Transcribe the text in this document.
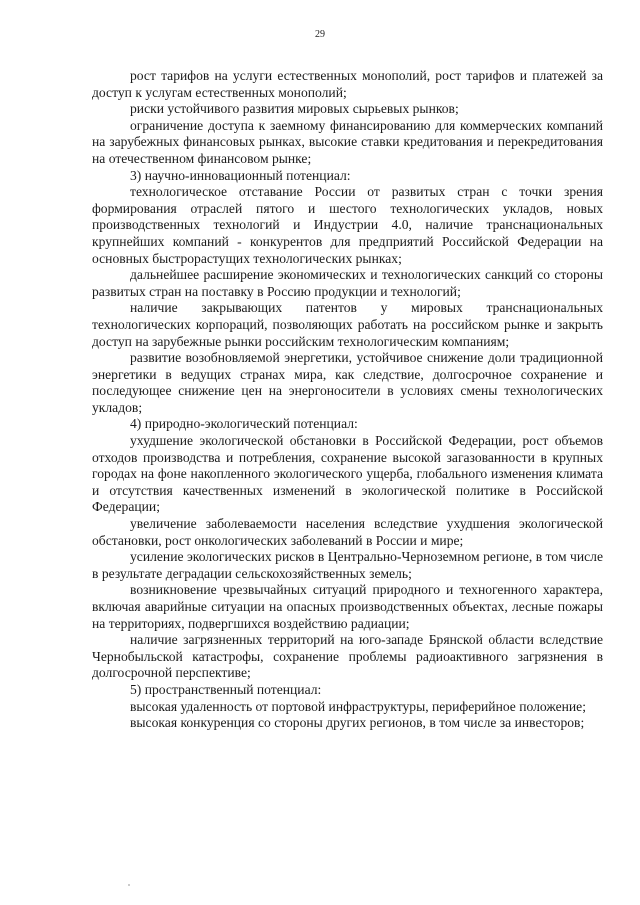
29

рост тарифов на услуги естественных монополий, рост тарифов и платежей за доступ к услугам естественных монополий;

риски устойчивого развития мировых сырьевых рынков;

ограничение доступа к заемному финансированию для коммерческих компаний на зарубежных финансовых рынках, высокие ставки кредитования и перекредитования на отечественном финансовом рынке;

3) научно-инновационный потенциал:

технологическое отставание России от развитых стран с точки зрения формирования отраслей пятого и шестого технологических укладов, новых производственных технологий и Индустрии 4.0, наличие транснациональных крупнейших компаний - конкурентов для предприятий Российской Федерации на основных быстрорастущих технологических рынках;

дальнейшее расширение экономических и технологических санкций со стороны развитых стран на поставку в Россию продукции и технологий;

наличие закрывающих патентов у мировых транснациональных технологических корпораций, позволяющих работать на российском рынке и закрыть доступ на зарубежные рынки российским технологическим компаниям;

развитие возобновляемой энергетики, устойчивое снижение доли традиционной энергетики в ведущих странах мира, как следствие, долгосрочное сохранение и последующее снижение цен на энергоносители в условиях смены технологических укладов;

4) природно-экологический потенциал:

ухудшение экологической обстановки в Российской Федерации, рост объемов отходов производства и потребления, сохранение высокой загазованности в крупных городах на фоне накопленного экологического ущерба, глобального изменения климата и отсутствия качественных изменений в экологической политике в Российской Федерации;

увеличение заболеваемости населения вследствие ухудшения экологической обстановки, рост онкологических заболеваний в России и мире;

усиление экологических рисков в Центрально-Черноземном регионе, в том числе в результате деградации сельскохозяйственных земель;

возникновение чрезвычайных ситуаций природного и техногенного характера, включая аварийные ситуации на опасных производственных объектах, лесные пожары на территориях, подвергшихся воздействию радиации;

наличие загрязненных территорий на юго-западе Брянской области вследствие Чернобыльской катастрофы, сохранение проблемы радиоактивного загрязнения в долгосрочной перспективе;

5) пространственный потенциал:

высокая удаленность от портовой инфраструктуры, периферийное положение;

высокая конкуренция со стороны других регионов, в том числе за инвесторов;
